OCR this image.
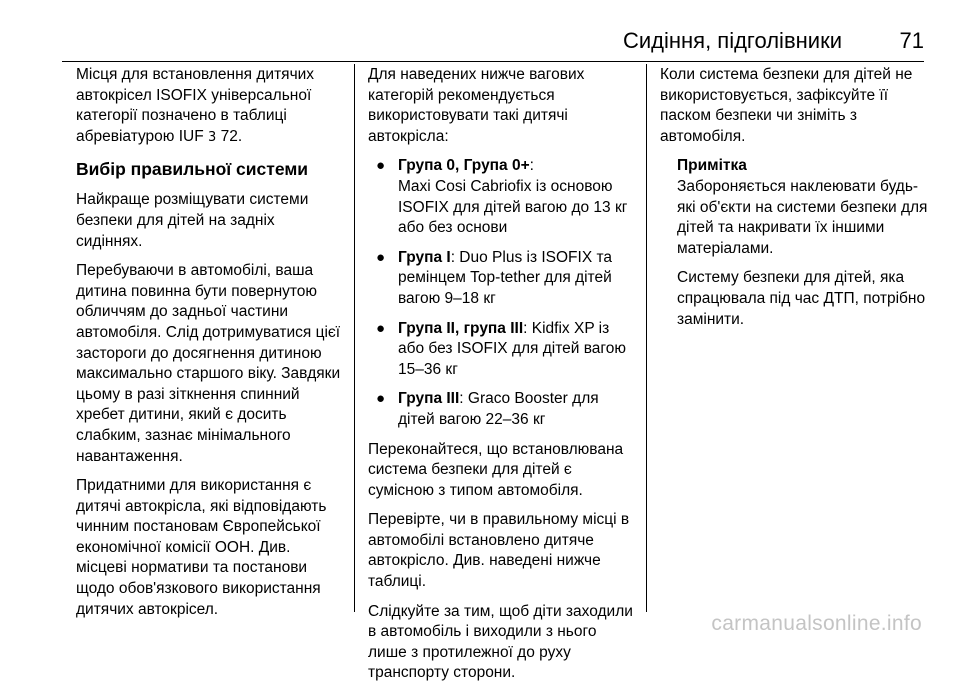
Сидіння, підголівники	71

Місця для встановлення дитячих автокрісел ISOFIX універсальної категорії позначено в таблиці абревіатурою IUF 3 72.

Вибір правильної системи

Найкраще розміщувати системи безпеки для дітей на задніх сидіннях.

Перебуваючи в автомобілі, ваша дитина повинна бути повернутою обличчям до задньої частини автомобіля. Слід дотримуватися цієї застороги до досягнення дитиною максимально старшого віку. Завдяки цьому в разі зіткнення спинний хребет дитини, який є досить слабким, зазнає мінімального навантаження.

Придатними для використання є дитячі автокрісла, які відповідають чинним постановам Європейської економічної комісії ООН. Див. місцеві нормативи та постанови щодо обов'язкового використання дитячих автокрісел.

Для наведених нижче вагових категорій рекомендується використовувати такі дитячі автокрісла:

● Група 0, Група 0+:
Maxi Cosi Cabriofix із основою ISOFIX для дітей вагою до 13 кг або без основи
● Група I: Duo Plus із ISOFIX та ремінцем Top-tether для дітей вагою 9–18 кг
● Група II, група III: Kidfix XP із або без ISOFIX для дітей вагою 15–36 кг
● Група III: Graco Booster для дітей вагою 22–36 кг

Переконайтеся, що встановлювана система безпеки для дітей є сумісною з типом автомобіля.

Перевірте, чи в правильному місці в автомобілі встановлено дитяче автокрісло. Див. наведені нижче таблиці.

Слідкуйте за тим, щоб діти заходили в автомобіль і виходили з нього лише з протилежної до руху транспорту сторони.

Коли система безпеки для дітей не використовується, зафіксуйте її паском безпеки чи зніміть з автомобіля.

Примітка

Забороняється наклеювати будь-які об'єкти на системи безпеки для дітей та накривати їх іншими матеріалами.

Систему безпеки для дітей, яка спрацювала під час ДТП, потрібно замінити.

carmanualsonline.info
